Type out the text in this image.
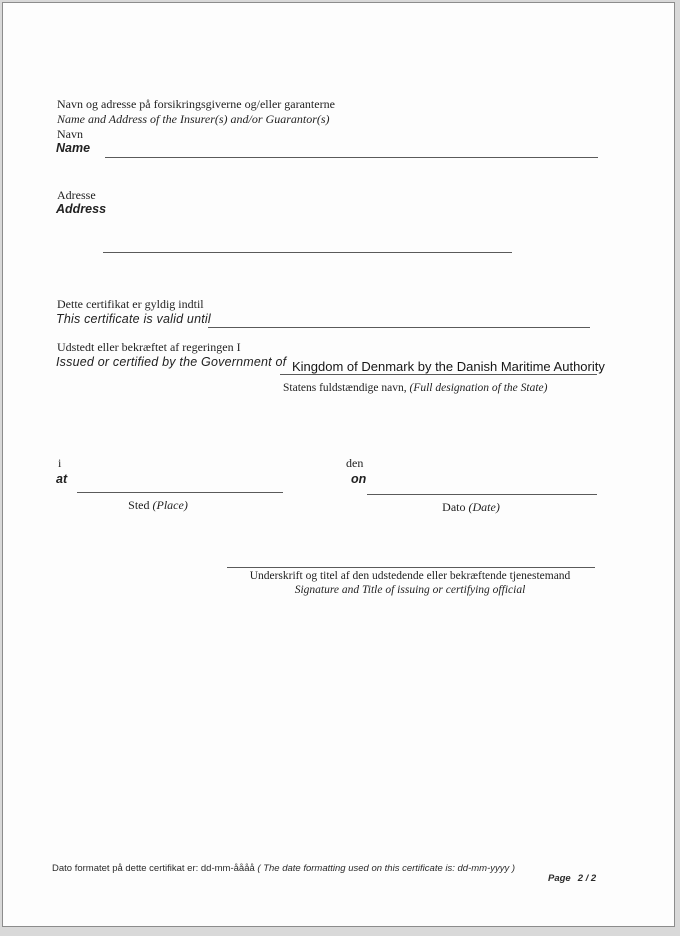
Navn og adresse på forsikringsgiverne og/eller garanterne
Name and Address of the Insurer(s) and/or Guarantor(s)
Navn
Name
Adresse
Address
Dette certifikat er gyldig indtil
This certificate is valid until
Udstedt eller bekræftet af regeringen I
Issued or certified by the Government of Kingdom of Denmark by the Danish Maritime Authority
Statens fuldstændige navn, (Full designation of the State)
i
at
Sted (Place)
den
on
Dato (Date)
Underskrift og titel af den udstedende eller bekræftende tjenestemand
Signature and Title of issuing or certifying official
Dato formatet på dette certifikat er: dd-mm-åååå ( The date formatting used on this certificate is: dd-mm-yyyy )
Page 2 / 2
